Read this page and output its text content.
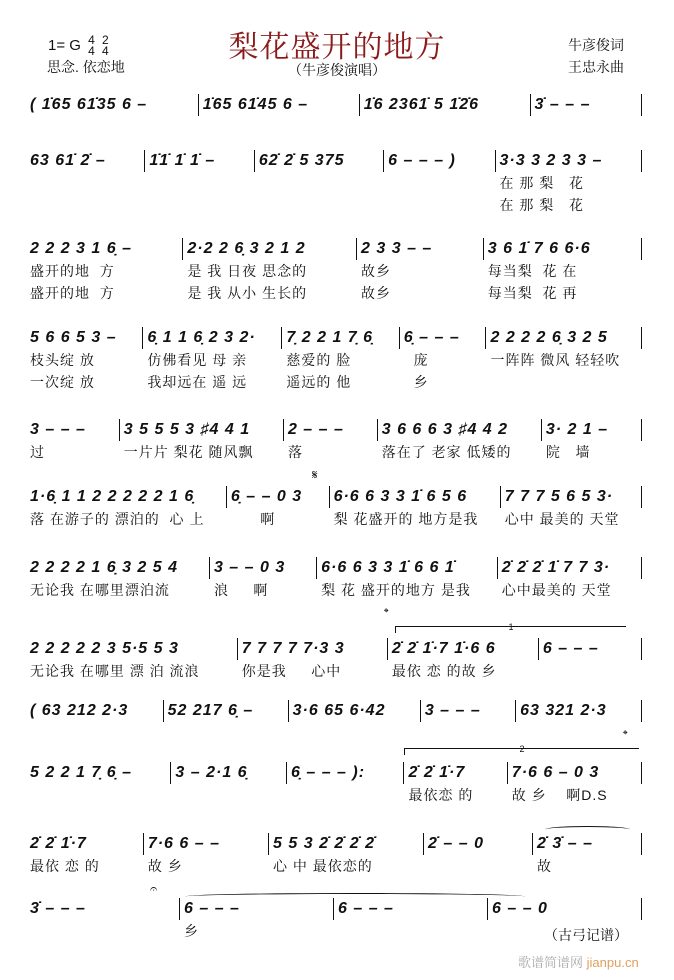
梨花盛开的地方
1= G 4
4

2
4
思念. 依恋地	（牛彦俊演唱）
牛彦俊词
王忠永曲
𝄋
𝄌
1
𝄌
2
𝄐
( 1̇65 61̇35 6 –	1̇65 61̇45 6 –	1̇6 2361̇ 5 1̇2̇6	3̇ – – –
63 61̇ 2̇ –	1̇1̇ 1̇ 1̇ –	62̇ 2̇ 5 375	6 – – – )	3·3 3 2 3 3 –
在 那 梨   花
在 那 梨   花
2 2 2 3 1 6̣ –
盛开的地  方
盛开的地  方
2·2 2 6̣ 3 2 1 2
是 我 日夜 思念的
是 我 从小 生长的
2 3 3 – –
故乡
故乡
3 6 1̇ 7 6 6·6
每当梨  花 在
每当梨  花 再
5 6 6 5 3 –
枝头绽 放
一次绽 放
6̣ 1 1 6̣ 2 3 2·
仿佛看见 母 亲
我却远在 遥 远
7̣ 2 2 1 7̣ 6̣
慈爱的 脸
遥远的 他
6̣ – – –
庞
乡
2 2 2 2 6̣ 3 2 5
一阵阵 微风 轻轻吹
3 – – –
过
3 5 5 5 3 ♯4 4 1
一片片 梨花 随风飘
2 – – –
落
3 6 6 6 3 ♯4 4 2
落在了 老家 低矮的
3· 2 1 –
院   墙
1·6̣ 1 1 2 2 2 2 2 1 6̣
落 在游子的 漂泊的  心 上
6̣ – – 0 3
啊
6·6 6 3 3 1̇ 6 5 6
梨 花盛开的 地方是我
7 7 7 5 6 5 3·
心中 最美的 天堂
2 2 2 2 1 6̣ 3 2 5 4
无论我 在哪里漂泊流
3 – – 0 3
浪     啊
6·6 6 3 3 1̇ 6 6 1̇
梨 花 盛开的地方 是我
2̇ 2̇ 2̇ 1̇ 7 7 3·
心中最美的 天堂
2 2 2 2 2 3 5·5 5 3
无论我 在哪里 漂 泊 流浪
7 7 7 7 7·3 3
你是我     心中
2̇ 2̇ 1̇·7 1̇·6 6
最依 恋 的故 乡
6 – – –
( 63 212 2·3	52 217 6̣ –	3·6 65 6·42	3 – – –	63 321 2·3
5 2 2 1 7̣ 6̣ –	3 – 2·1 6̣	6̣ – – – ):	2̇ 2̇ 1̇·7
最依恋 的
7·6 6 – 0 3
故 乡    啊D.S
2̇ 2̇ 1̇·7
最依 恋 的
7·6 6 – –
故 乡
5 5 3 2̇ 2̇ 2̇ 2̇
心 中 最依恋的
2̇ – – 0	2̇ 3̇ – –
故
3̇ – – –	6 – – –
乡
6 – – –	6 – – 0
（古弓记谱）
歌谱简谱网 jianpu.cn
